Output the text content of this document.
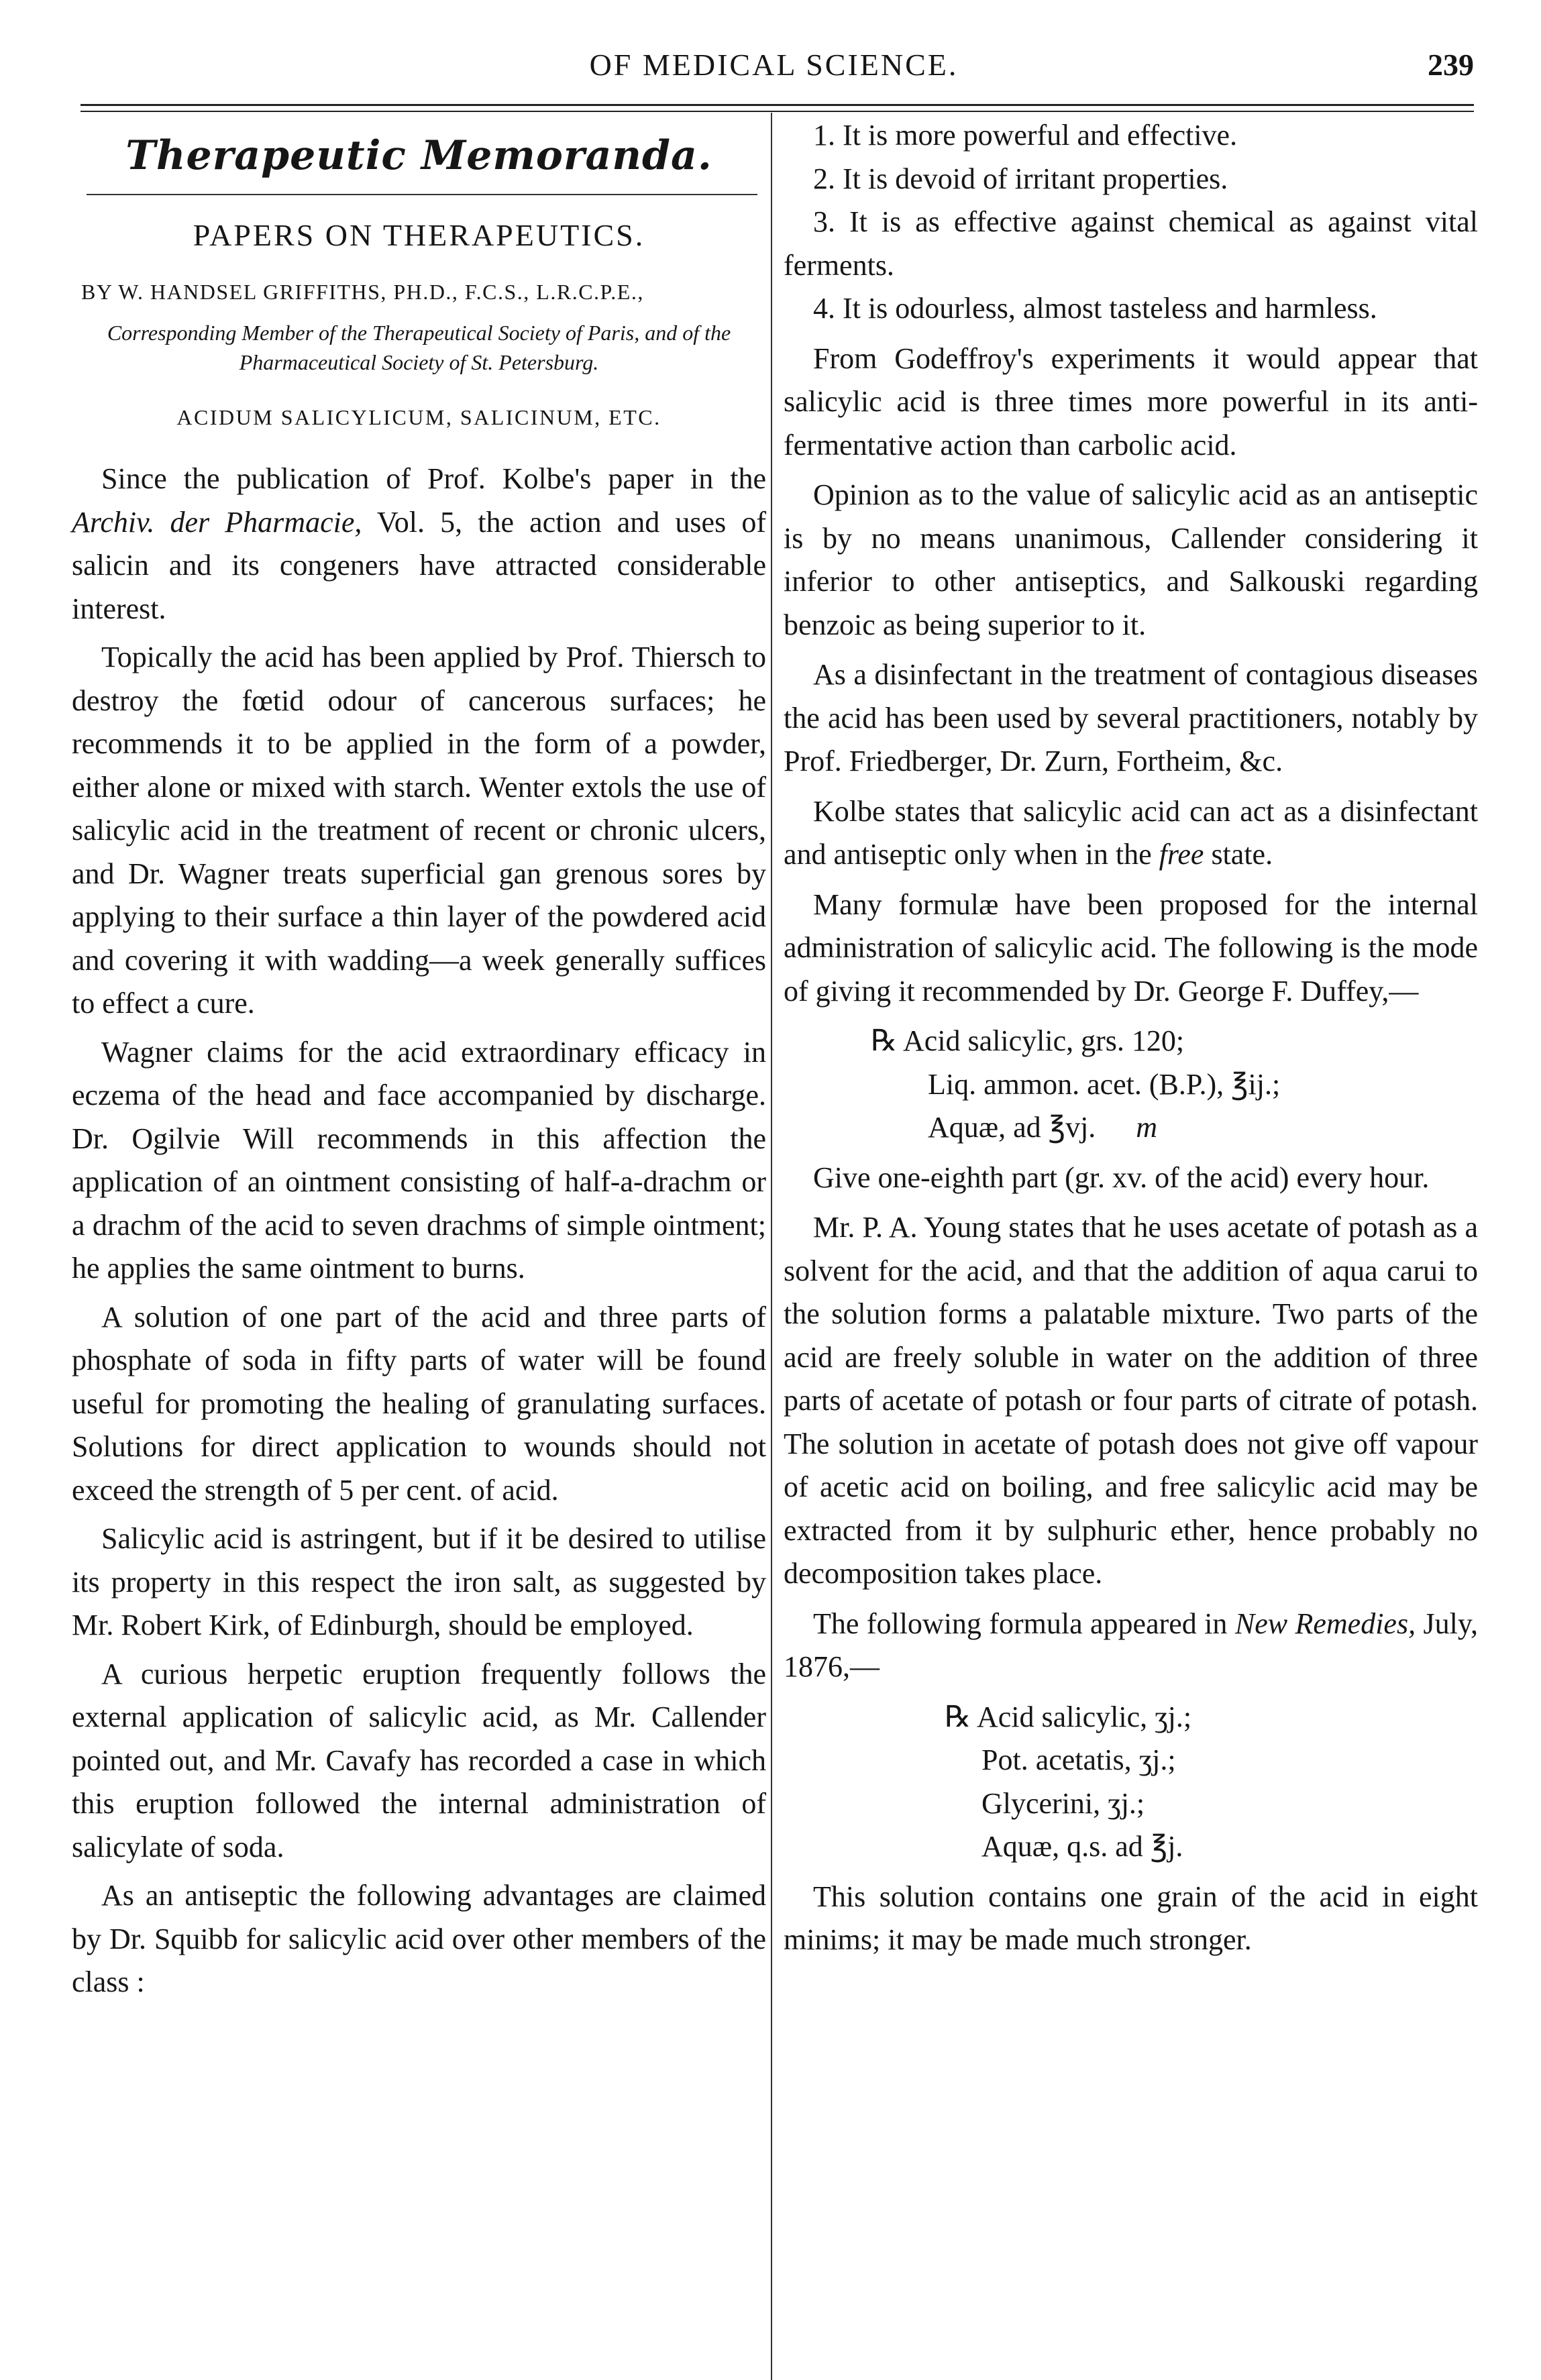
OF MEDICAL SCIENCE.	239
Therapeutic Memoranda.
PAPERS ON THERAPEUTICS.
BY W. HANDSEL GRIFFITHS, PH.D., F.C.S., L.R.C.P.E.,
Corresponding Member of the Therapeutical Society of Paris, and of the Pharmaceutical Society of St. Petersburg.
ACIDUM SALICYLICUM, SALICINUM, ETC.

Since the publication of Prof. Kolbe's paper in the Archiv. der Pharmacie, Vol. 5, the action and uses of salicin and its congeners have attracted considerable interest.

Topically the acid has been applied by Prof. Thiersch to destroy the fœtid odour of cancerous surfaces; he recommends it to be applied in the form of a powder, either alone or mixed with starch. Wenter extols the use of salicylic acid in the treatment of recent or chronic ulcers, and Dr. Wagner treats superficial gan grenous sores by applying to their surface a thin layer of the powdered acid and covering it with wadding—a week generally suffices to effect a cure.

Wagner claims for the acid extraordinary efficacy in eczema of the head and face accompanied by discharge. Dr. Ogilvie Will recommends in this affection the application of an ointment consisting of half-a-drachm or a drachm of the acid to seven drachms of simple ointment; he applies the same ointment to burns.

A solution of one part of the acid and three parts of phosphate of soda in fifty parts of water will be found useful for promoting the healing of granulating surfaces. Solutions for direct application to wounds should not exceed the strength of 5 per cent. of acid.

Salicylic acid is astringent, but if it be desired to utilise its property in this respect the iron salt, as suggested by Mr. Robert Kirk, of Edinburgh, should be employed.

A curious herpetic eruption frequently follows the external application of salicylic acid, as Mr. Callender pointed out, and Mr. Cavafy has recorded a case in which this eruption followed the internal administration of salicylate of soda.

As an antiseptic the following advantages are claimed by Dr. Squibb for salicylic acid over other members of the class :

1. It is more powerful and effective.
2. It is devoid of irritant properties.
3. It is as effective against chemical as against vital ferments.
4. It is odourless, almost tasteless and harmless.

From Godeffroy's experiments it would appear that salicylic acid is three times more powerful in its anti-fermentative action than carbolic acid.

Opinion as to the value of salicylic acid as an antiseptic is by no means unanimous, Callender considering it inferior to other antiseptics, and Salkouski regarding benzoic as being superior to it.

As a disinfectant in the treatment of contagious diseases the acid has been used by several practitioners, notably by Prof. Friedberger, Dr. Zurn, Fortheim, &c.

Kolbe states that salicylic acid can act as a disinfectant and antiseptic only when in the free state.

Many formulæ have been proposed for the internal administration of salicylic acid. The following is the mode of giving it recommended by Dr. George F. Duffey,—

℞ Acid salicylic, grs. 120;
Liq. ammon. acet. (B.P.), ℥ij.;
Aquæ, ad ℥vj. m

Give one-eighth part (gr. xv. of the acid) every hour.

Mr. P. A. Young states that he uses acetate of potash as a solvent for the acid, and that the addition of aqua carui to the solution forms a palatable mixture. Two parts of the acid are freely soluble in water on the addition of three parts of acetate of potash or four parts of citrate of potash. The solution in acetate of potash does not give off vapour of acetic acid on boiling, and free salicylic acid may be extracted from it by sulphuric ether, hence probably no decomposition takes place.

The following formula appeared in New Remedies, July, 1876,—

℞ Acid salicylic, ʒj.;
Pot. acetatis, ʒj.;
Glycerini, ʒj.;
Aquæ, q.s. ad ℥j.

This solution contains one grain of the acid in eight minims; it may be made much stronger.
